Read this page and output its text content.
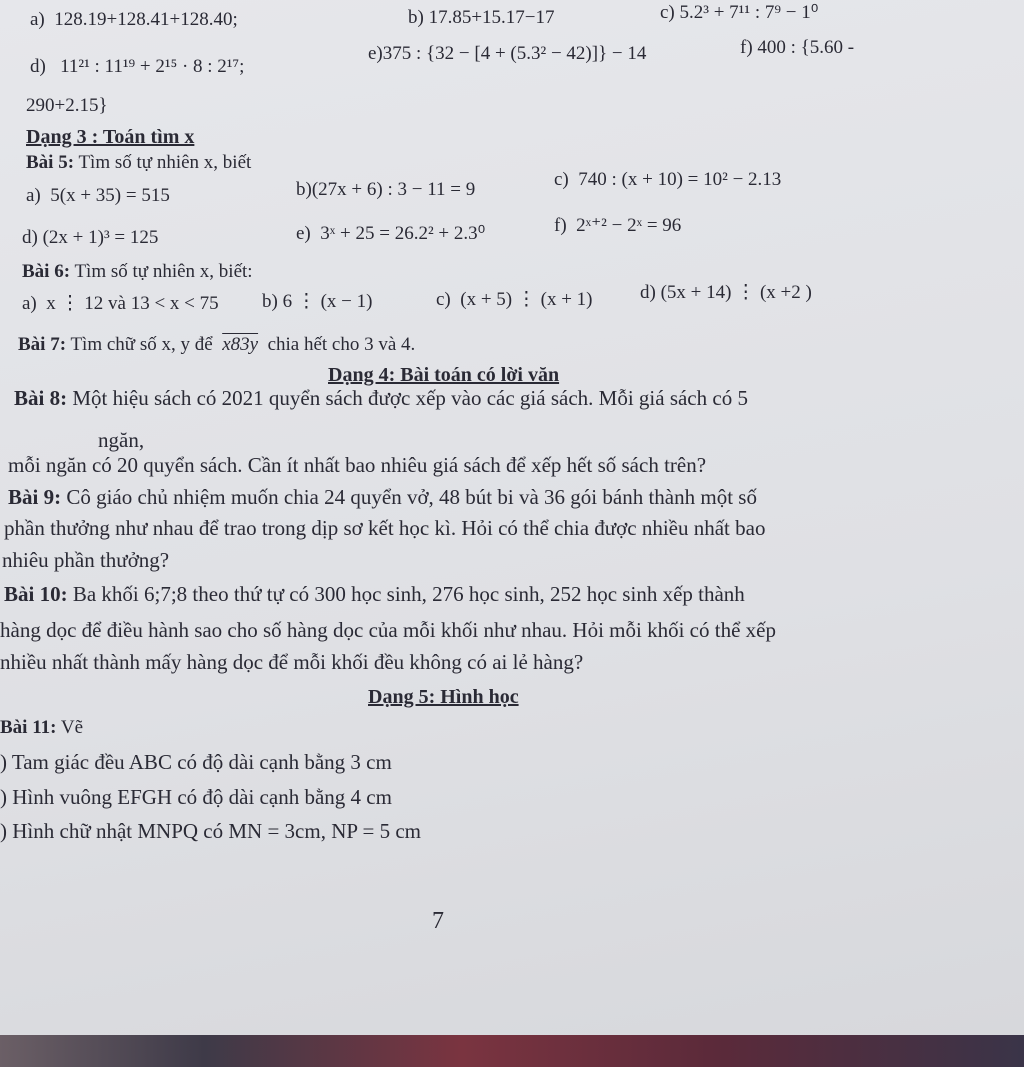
a) 128.19+128.41+128.40;	b) 17.85+15.17−17	c) 5.2³ + 7¹¹ : 7⁹ − 1⁰
d) 11²¹ : 11¹⁹ + 2¹⁵ · 8 : 2¹⁷;
e)375 : {32 − [4 + (5.3² − 42)]} − 14	f) 400 : {5.60 -
290+2.15}
Dạng 3 : Toán tìm x
Bài 5: Tìm số tự nhiên x, biết
a) 5(x + 35) = 515	b)(27x + 6) : 3 − 11 = 9	c) 740 : (x + 10) = 10² − 2.13
d) (2x + 1)³ = 125	e) 3ˣ + 25 = 26.2² + 2.3⁰	f) 2ˣ⁺² − 2ˣ = 96
Bài 6: Tìm số tự nhiên x, biết:
a) x ⋮ 12 và 13 < x < 75 b) 6 ⋮ (x − 1)	c) (x + 5) ⋮ (x + 1) d) (5x + 14) ⋮ (x +2 )
Bài 7: Tìm chữ số x, y để x83y chia hết cho 3 và 4.
Dạng 4: Bài toán có lời văn
Bài 8: Một hiệu sách có 2021 quyển sách được xếp vào các giá sách. Mỗi giá sách có 5
ngăn,
mỗi ngăn có 20 quyển sách. Cần ít nhất bao nhiêu giá sách để xếp hết số sách trên?
Bài 9: Cô giáo chủ nhiệm muốn chia 24 quyển vở, 48 bút bi và 36 gói bánh thành một số
phần thưởng như nhau để trao trong dịp sơ kết học kì. Hỏi có thể chia được nhiều nhất bao
nhiêu phần thưởng?
Bài 10: Ba khối 6;7;8 theo thứ tự có 300 học sinh, 276 học sinh, 252 học sinh xếp thành
hàng dọc để điều hành sao cho số hàng dọc của mỗi khối như nhau. Hỏi mỗi khối có thể xếp
nhiều nhất thành mấy hàng dọc để mỗi khối đều không có ai lẻ hàng?
Dạng 5: Hình học
Bài 11: Vẽ
) Tam giác đều ABC có độ dài cạnh bằng 3 cm
) Hình vuông EFGH có độ dài cạnh bằng 4 cm
) Hình chữ nhật MNPQ có MN = 3cm, NP = 5 cm
7
